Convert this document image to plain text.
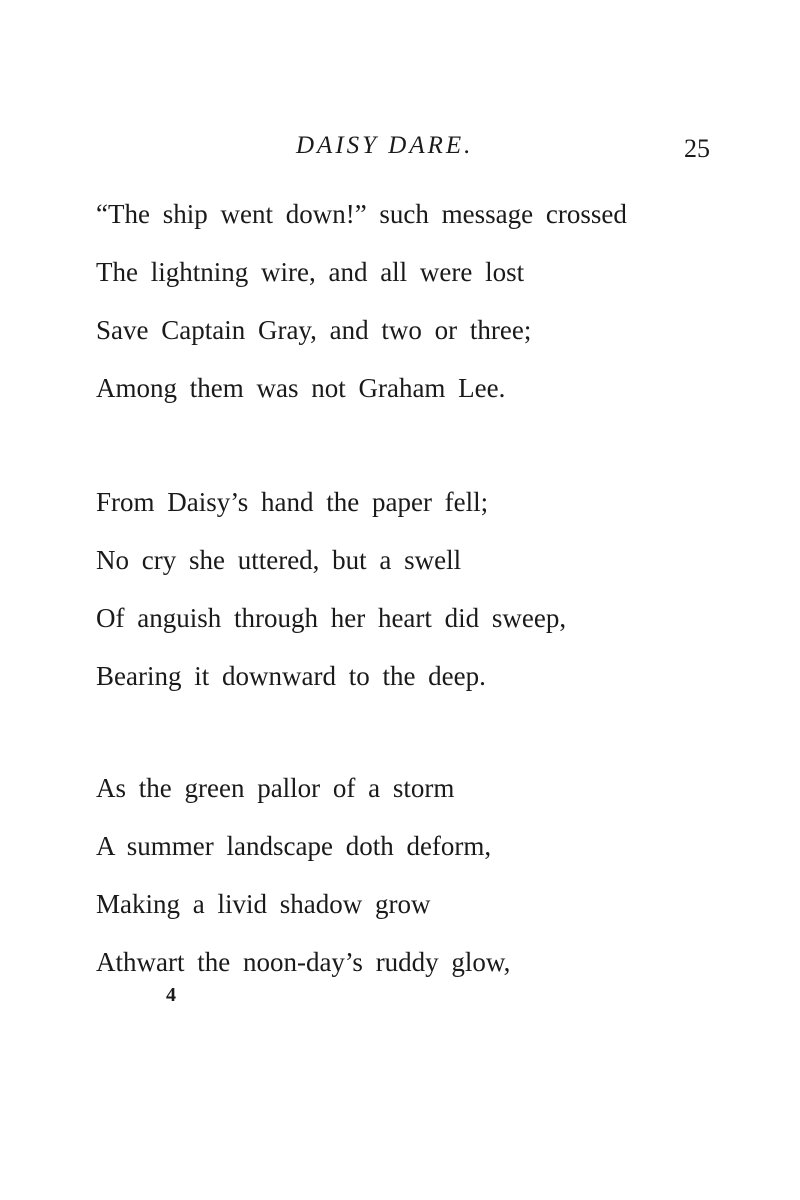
DAISY DARE.	25
“The ship went down!” such message crossed
The lightning wire, and all were lost
Save Captain Gray, and two or three;
Among them was not Graham Lee.
From Daisy’s hand the paper fell;
No cry she uttered, but a swell
Of anguish through her heart did sweep,
Bearing it downward to the deep.
As the green pallor of a storm
A summer landscape doth deform,
Making a livid shadow grow
Athwart the noon-day’s ruddy glow,
4
